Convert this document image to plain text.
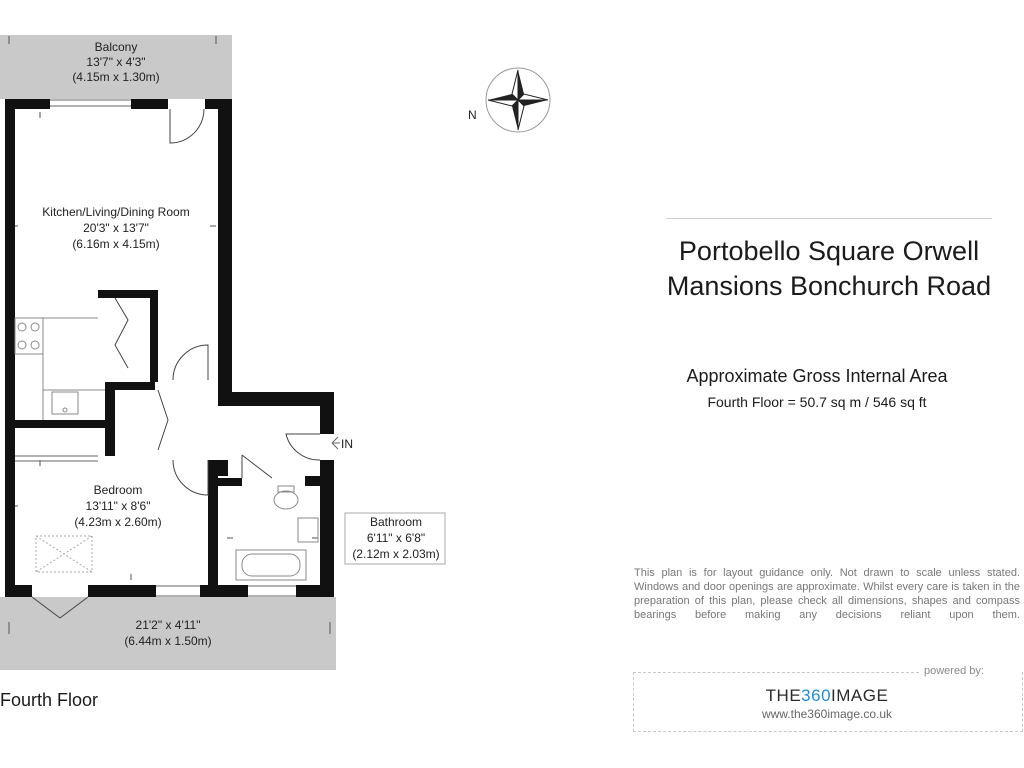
N
Balcony
13'7" x 4'3"
(4.15m x 1.30m)
Kitchen/Living/Dining Room
20'3" x 13'7"
(6.16m x 4.15m)
Bedroom
13'11" x 8'6"
(4.23m x 2.60m)	Bathroom
6'11" x 6'8"
(2.12m x 2.03m)
21'2" x 4'11"
(6.44m x 1.50m)
IN
Portobello Square Orwell
Mansions Bonchurch Road
Approximate Gross Internal Area
Fourth Floor = 50.7 sq m / 546 sq ft
This plan is for layout guidance only. Not drawn to scale unless stated. Windows and door openings are approximate. Whilst every care is taken in the preparation of this plan, please check all dimensions, shapes and compass bearings before making any decisions reliant upon them.
Fourth Floor
powered by:
THE360IMAGE
www.the360image.co.uk
